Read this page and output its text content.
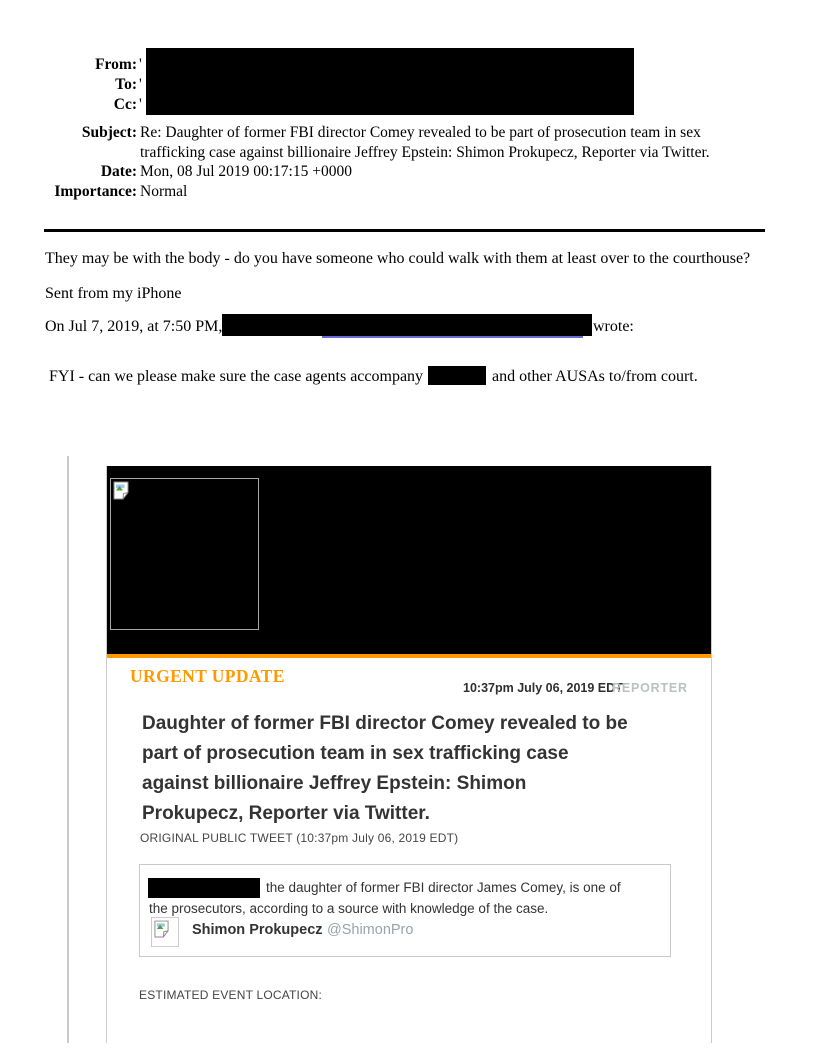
From:
To:
Cc:
'
'
'
Subject: Re: Daughter of former FBI director Comey revealed to be part of prosecution team in sex
trafficking case against billionaire Jeffrey Epstein: Shimon Prokupecz, Reporter via Twitter.
Date: Mon, 08 Jul 2019 00:17:15 +0000
Importance: Normal
They may be with the body - do you have someone who could walk with them at least over to the courthouse?
Sent from my iPhone
On Jul 7, 2019, at 7:50 PM,	wrote:
FYI - can we please make sure the case agents accompany	and other AUSAs to/from court.
URGENT UPDATE
10:37pm July 06, 2019 EDT
REPORTER
Daughter of former FBI director Comey revealed to be
part of prosecution team in sex trafficking case
against billionaire Jeffrey Epstein: Shimon
Prokupecz, Reporter via Twitter.
ORIGINAL PUBLIC TWEET (10:37pm July 06, 2019 EDT)
the daughter of former FBI director James Comey, is one of
the prosecutors, according to a source with knowledge of the case.
Shimon Prokupecz @ShimonPro
ESTIMATED EVENT LOCATION:
